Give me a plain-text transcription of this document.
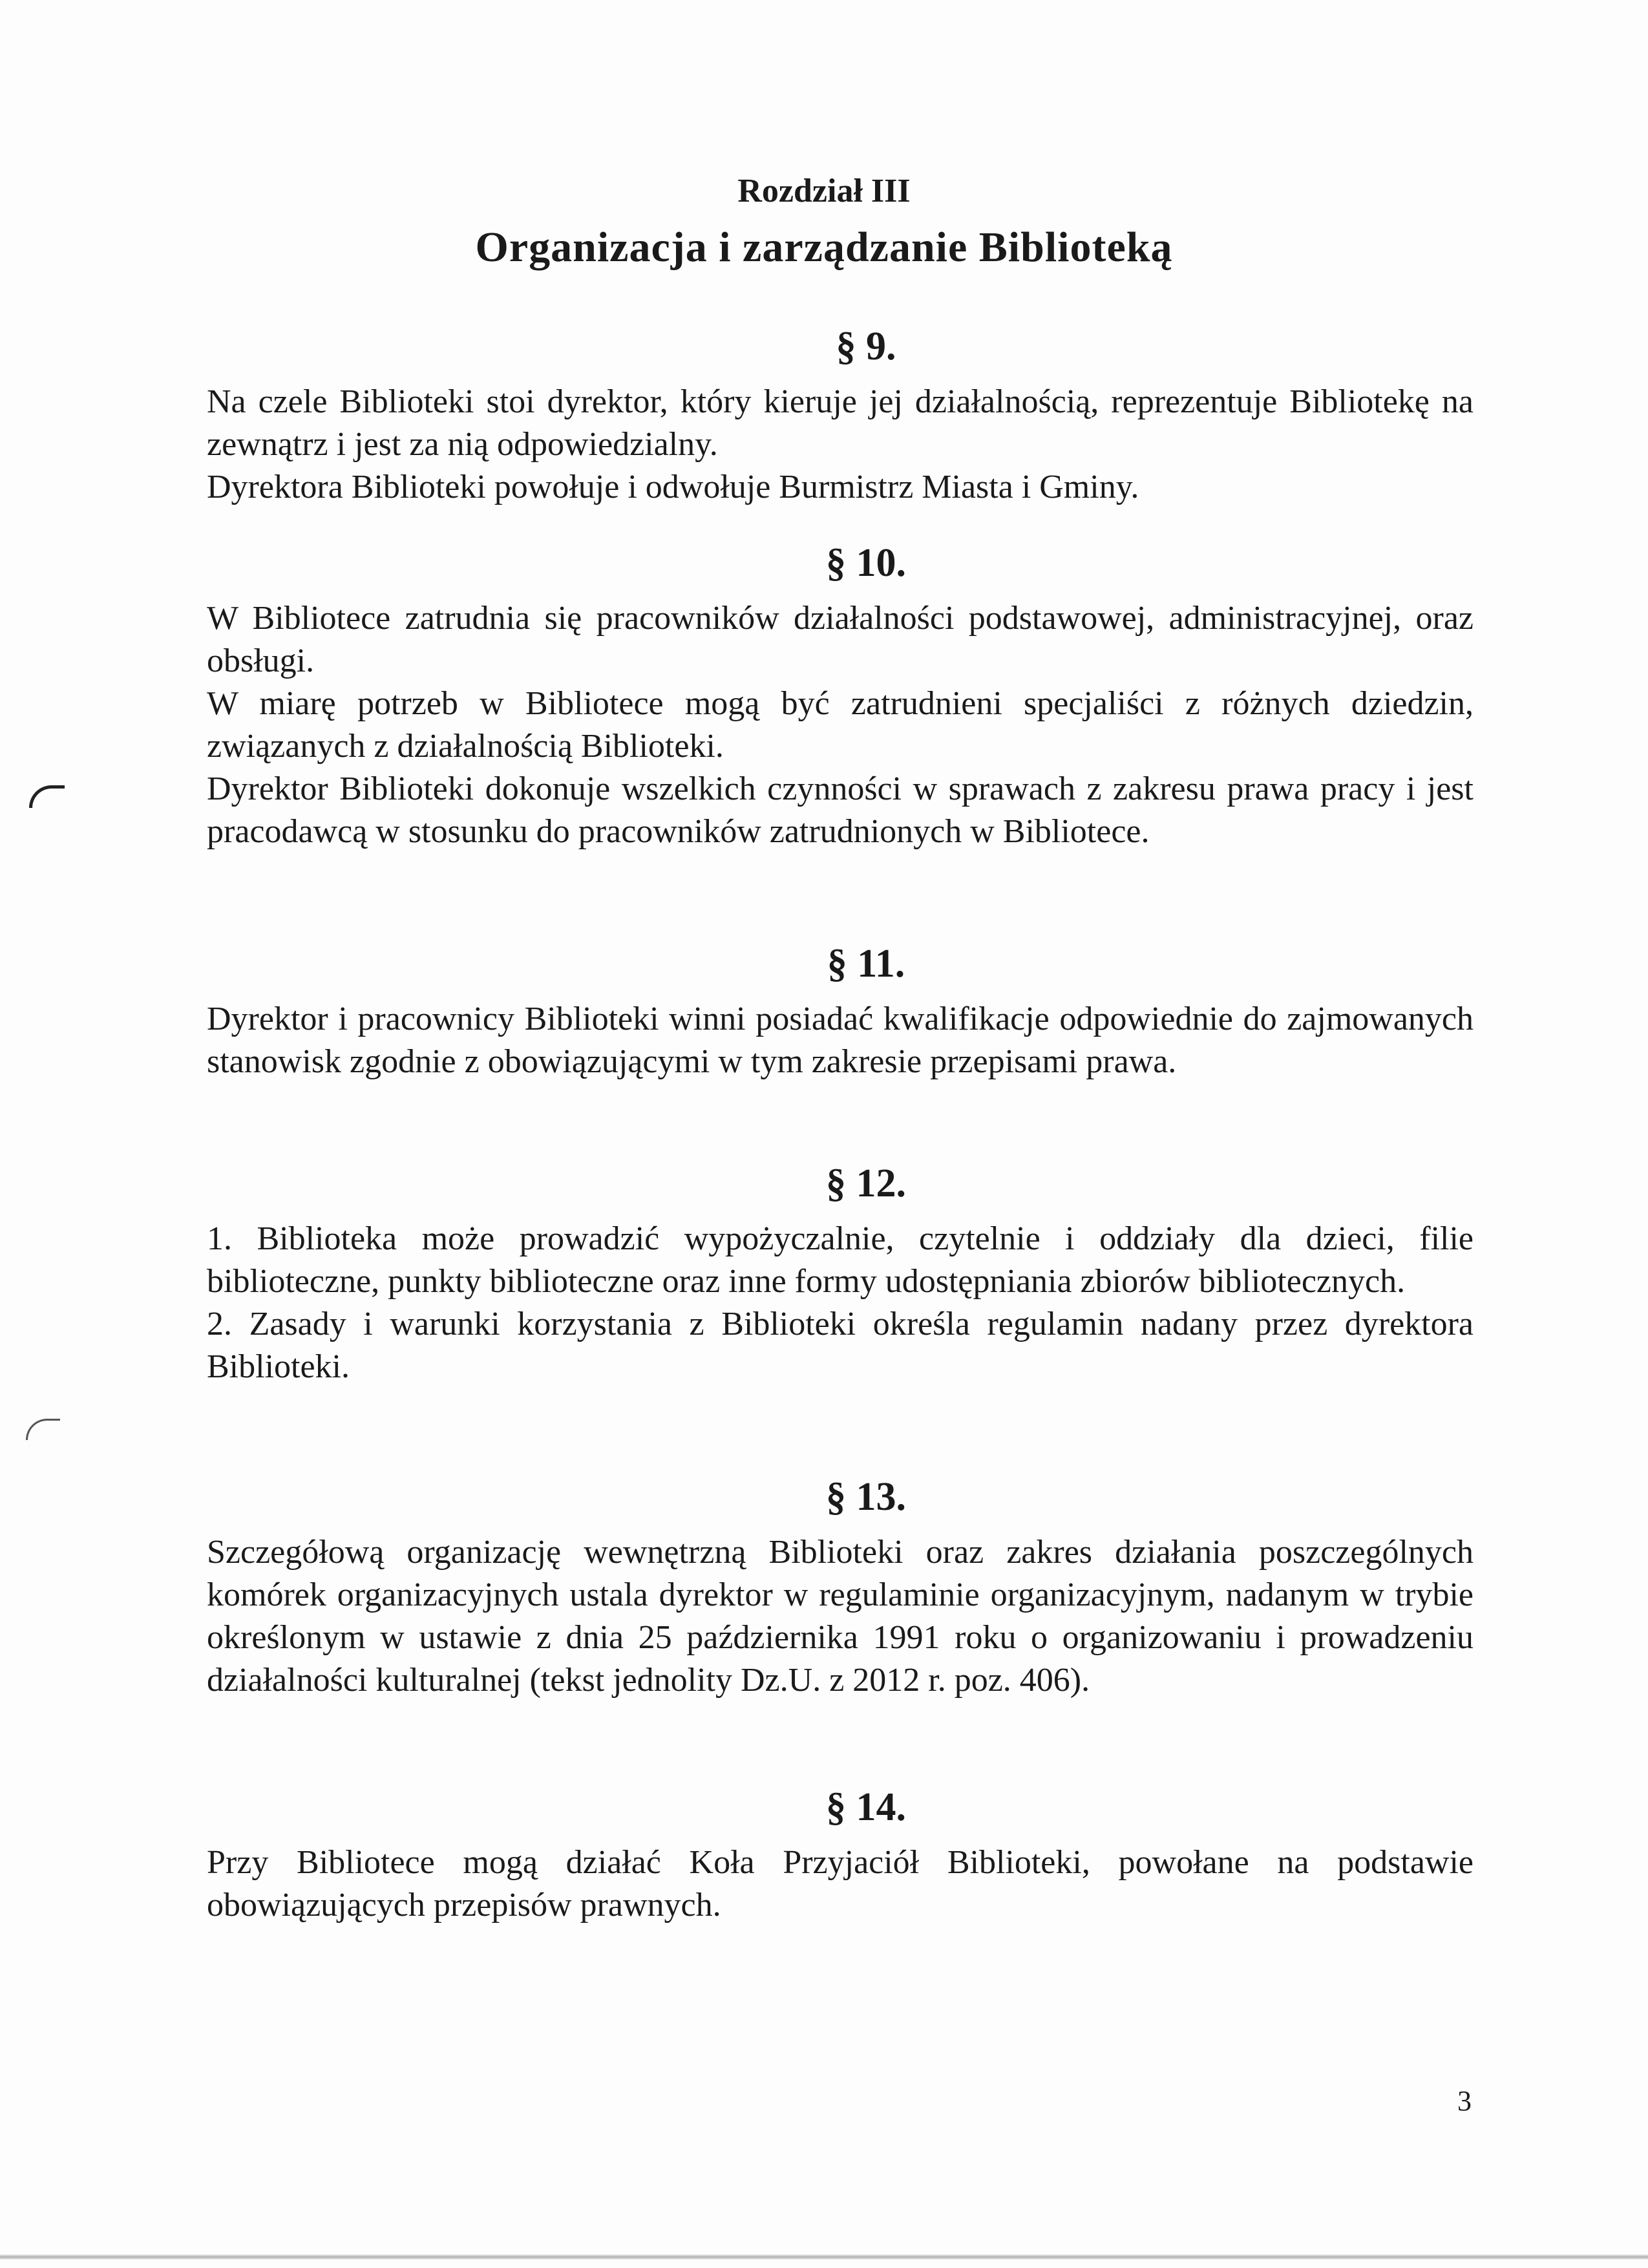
Rozdział III
Organizacja i zarządzanie Biblioteką
§ 9.

Na czele Biblioteki stoi dyrektor, który kieruje jej działalnością, reprezentuje Bibliotekę na zewnątrz i jest za nią odpowiedzialny.

Dyrektora Biblioteki powołuje i odwołuje Burmistrz Miasta i Gminy.

§ 10.

W Bibliotece zatrudnia się pracowników działalności podstawowej, administracyjnej, oraz obsługi.

W miarę potrzeb w Bibliotece mogą być zatrudnieni specjaliści z różnych dziedzin, związanych z działalnością Biblioteki.

Dyrektor Biblioteki dokonuje wszelkich czynności w sprawach z zakresu prawa pracy i jest pracodawcą w stosunku do pracowników zatrudnionych w Bibliotece.

§ 11.

Dyrektor i pracownicy Biblioteki winni posiadać kwalifikacje odpowiednie do zajmowanych stanowisk zgodnie z obowiązującymi w tym zakresie przepisami prawa.

§ 12.

1. Biblioteka może prowadzić wypożyczalnie, czytelnie i oddziały dla dzieci, filie biblioteczne, punkty biblioteczne oraz inne formy udostępniania zbiorów bibliotecznych.

2. Zasady i warunki korzystania z Biblioteki określa regulamin nadany przez dyrektora Biblioteki.

§ 13.

Szczegółową organizację wewnętrzną Biblioteki oraz zakres działania poszczególnych komórek organizacyjnych ustala dyrektor w regulaminie organizacyjnym, nadanym w trybie określonym w ustawie z dnia 25 października 1991 roku o organizowaniu i prowadzeniu działalności kulturalnej (tekst jednolity Dz.U. z 2012 r. poz. 406).

§ 14.

Przy Bibliotece mogą działać Koła Przyjaciół Biblioteki, powołane na podstawie obowiązujących przepisów prawnych.

3
